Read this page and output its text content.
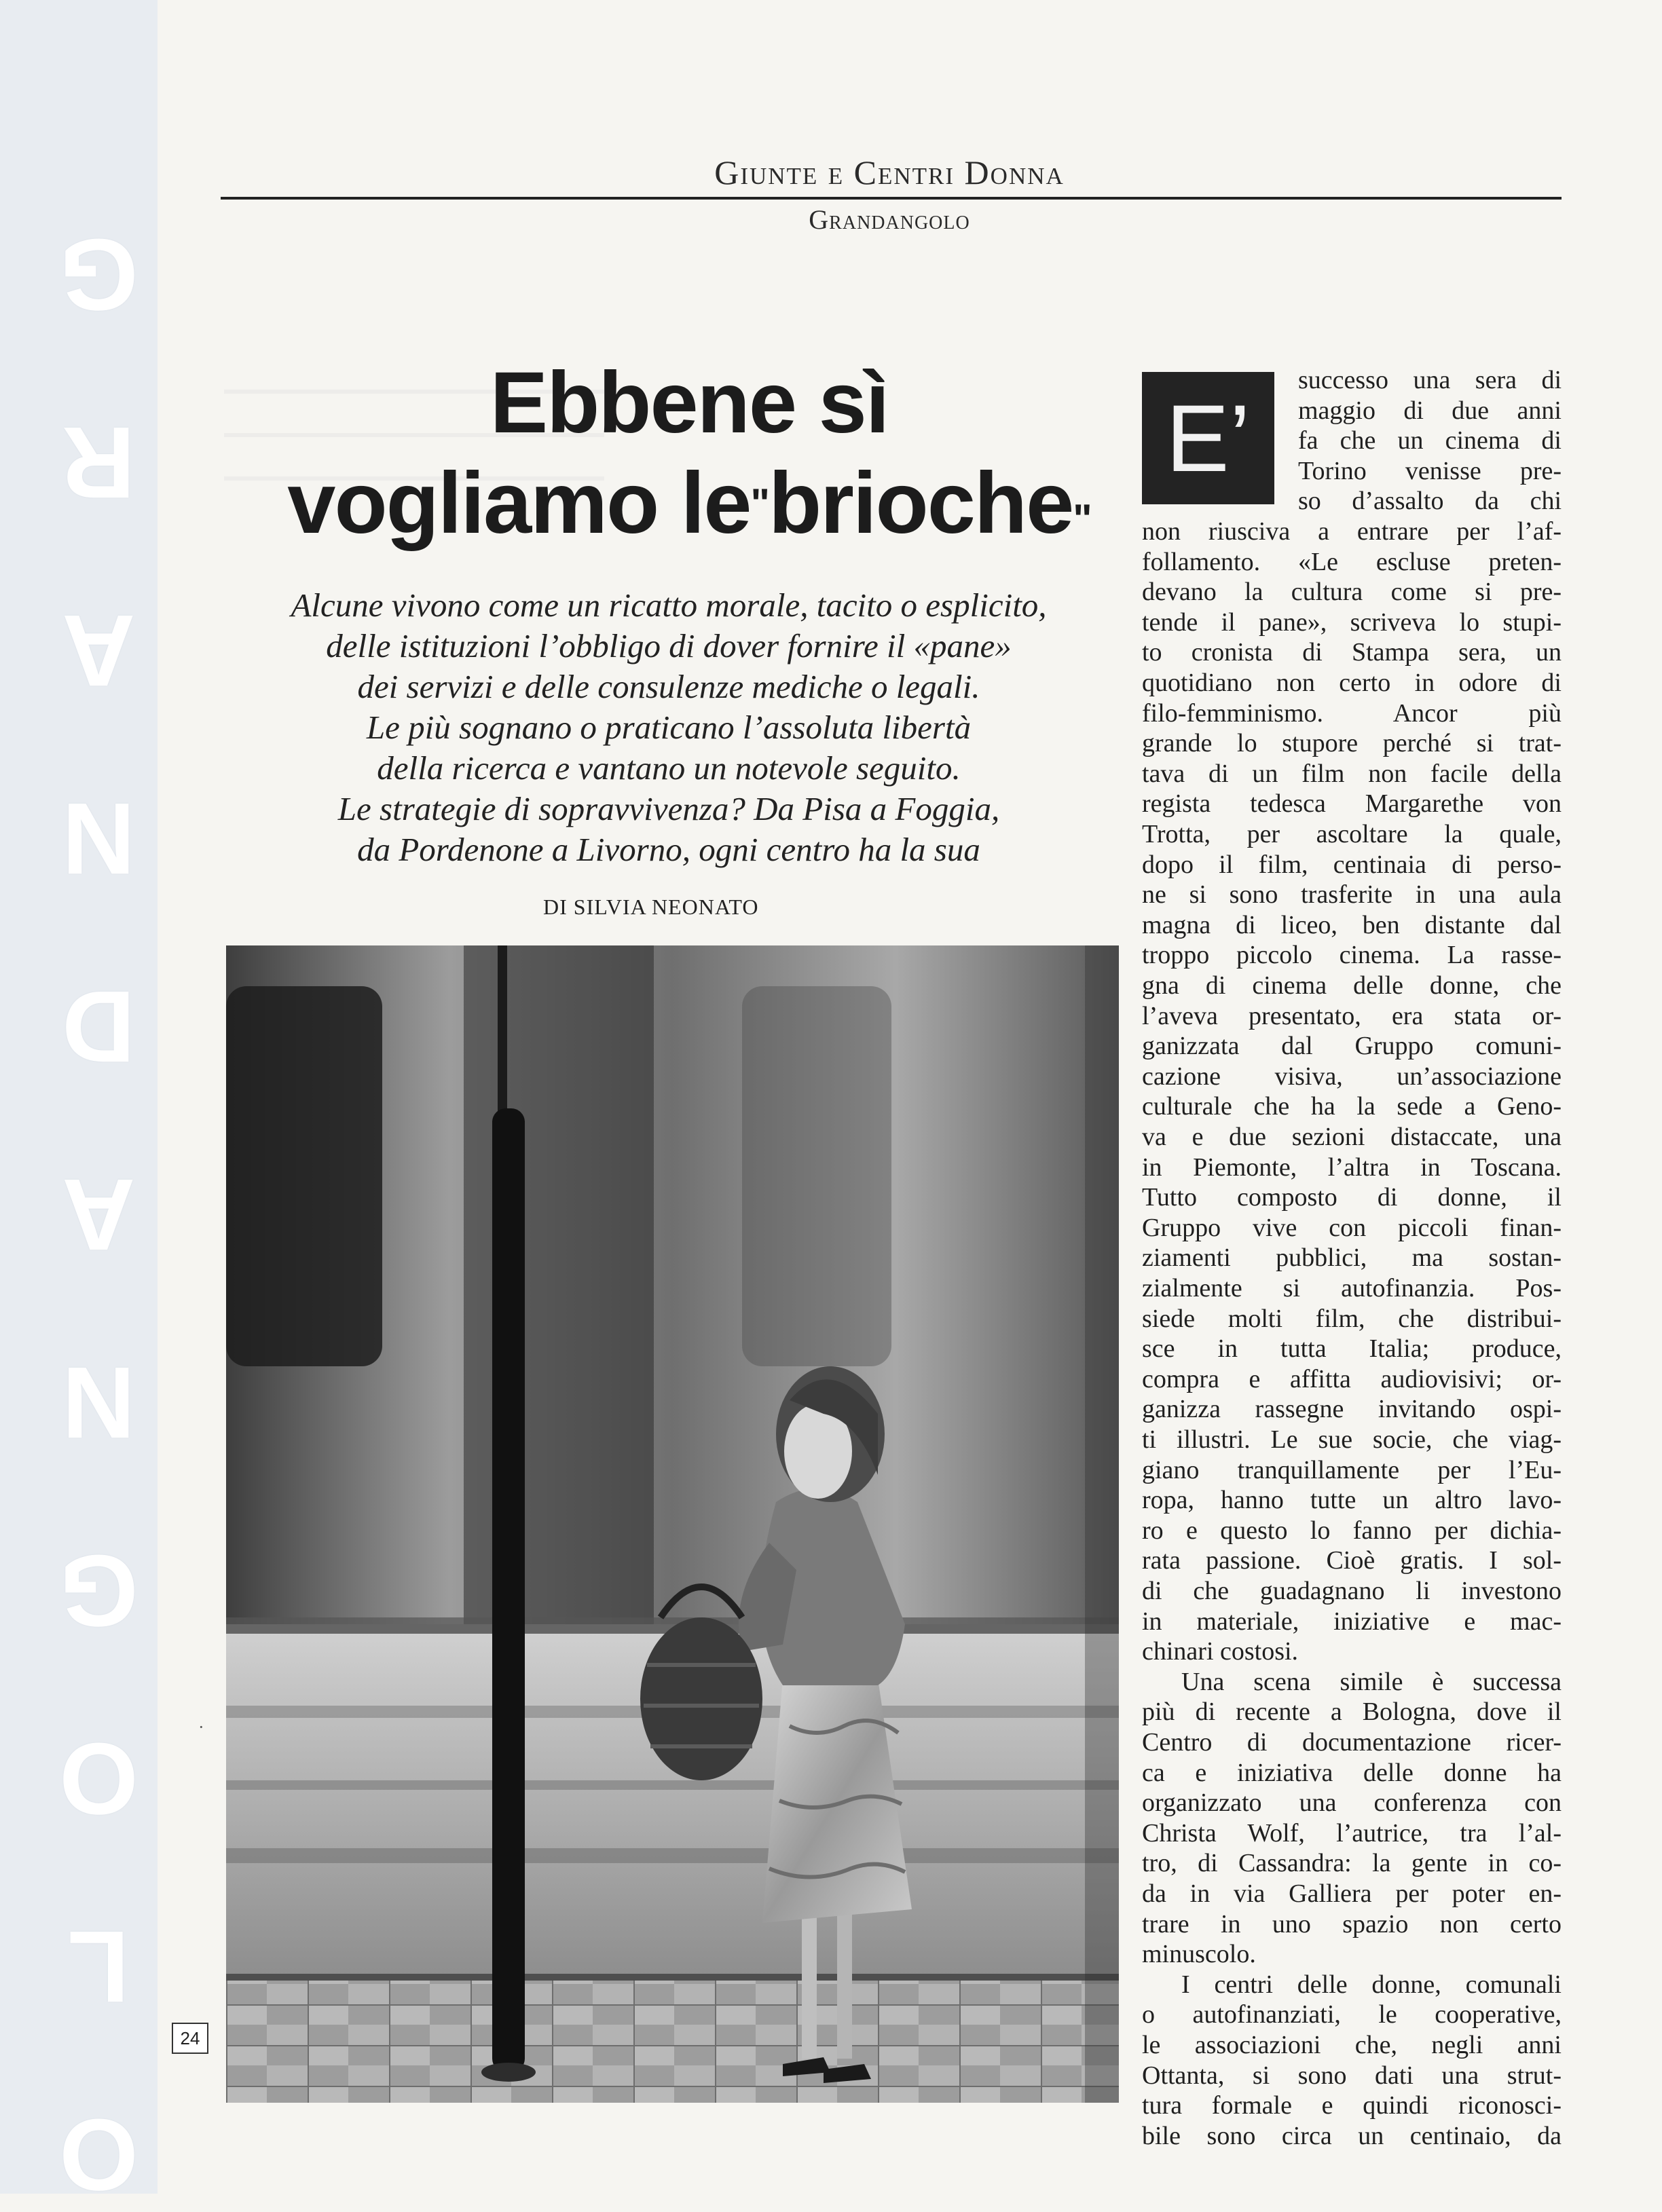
G
R
A
N
D
A
N
G
O
L
O
Giunte e Centri Donna
Grandangolo
Ebbene sì
vogliamo le"brioche"
Alcune vivono come un ricatto morale, tacito o esplicito,
delle istituzioni l’obbligo di dover fornire il «pane»
dei servizi e delle consulenze mediche o legali.
Le più sognano o praticano l’assoluta libertà
della ricerca e vantano un notevole seguito.
Le strategie di sopravvivenza? Da Pisa a Foggia,
da Pordenone a Livorno, ogni centro ha la sua
DI SILVIA NEONATO
E’
successo una sera di
maggio di due anni
fa che un cinema di
Torino venisse pre-
so d’assalto da chi
non riusciva a entrare per l’af-
follamento. «Le escluse preten-
devano la cultura come si pre-
tende il pane», scriveva lo stupi-
to cronista di Stampa sera, un
quotidiano non certo in odore di
filo-femminismo. Ancor più
grande lo stupore perché si trat-
tava di un film non facile della
regista tedesca Margarethe von
Trotta, per ascoltare la quale,
dopo il film, centinaia di perso-
ne si sono trasferite in una aula
magna di liceo, ben distante dal
troppo piccolo cinema. La rasse-
gna di cinema delle donne, che
l’aveva presentato, era stata or-
ganizzata dal Gruppo comuni-
cazione visiva, un’associazione
culturale che ha la sede a Geno-
va e due sezioni distaccate, una
in Piemonte, l’altra in Toscana.
Tutto composto di donne, il
Gruppo vive con piccoli finan-
ziamenti pubblici, ma sostan-
zialmente si autofinanzia. Pos-
siede molti film, che distribui-
sce in tutta Italia; produce,
compra e affitta audiovisivi; or-
ganizza rassegne invitando ospi-
ti illustri. Le sue socie, che viag-
giano tranquillamente per l’Eu-
ropa, hanno tutte un altro lavo-
ro e questo lo fanno per dichia-
rata passione. Cioè gratis. I sol-
di che guadagnano li investono
in materiale, iniziative e mac-
chinari costosi.
Una scena simile è successa
più di recente a Bologna, dove il
Centro di documentazione ricer-
ca e iniziativa delle donne ha
organizzato una conferenza con
Christa Wolf, l’autrice, tra l’al-
tro, di Cassandra: la gente in co-
da in via Galliera per poter en-
trare in uno spazio non certo
minuscolo.
I centri delle donne, comunali
o autofinanziati, le cooperative,
le associazioni che, negli anni
Ottanta, si sono dati una strut-
tura formale e quindi riconosci-
bile sono circa un centinaio, da
24
·
